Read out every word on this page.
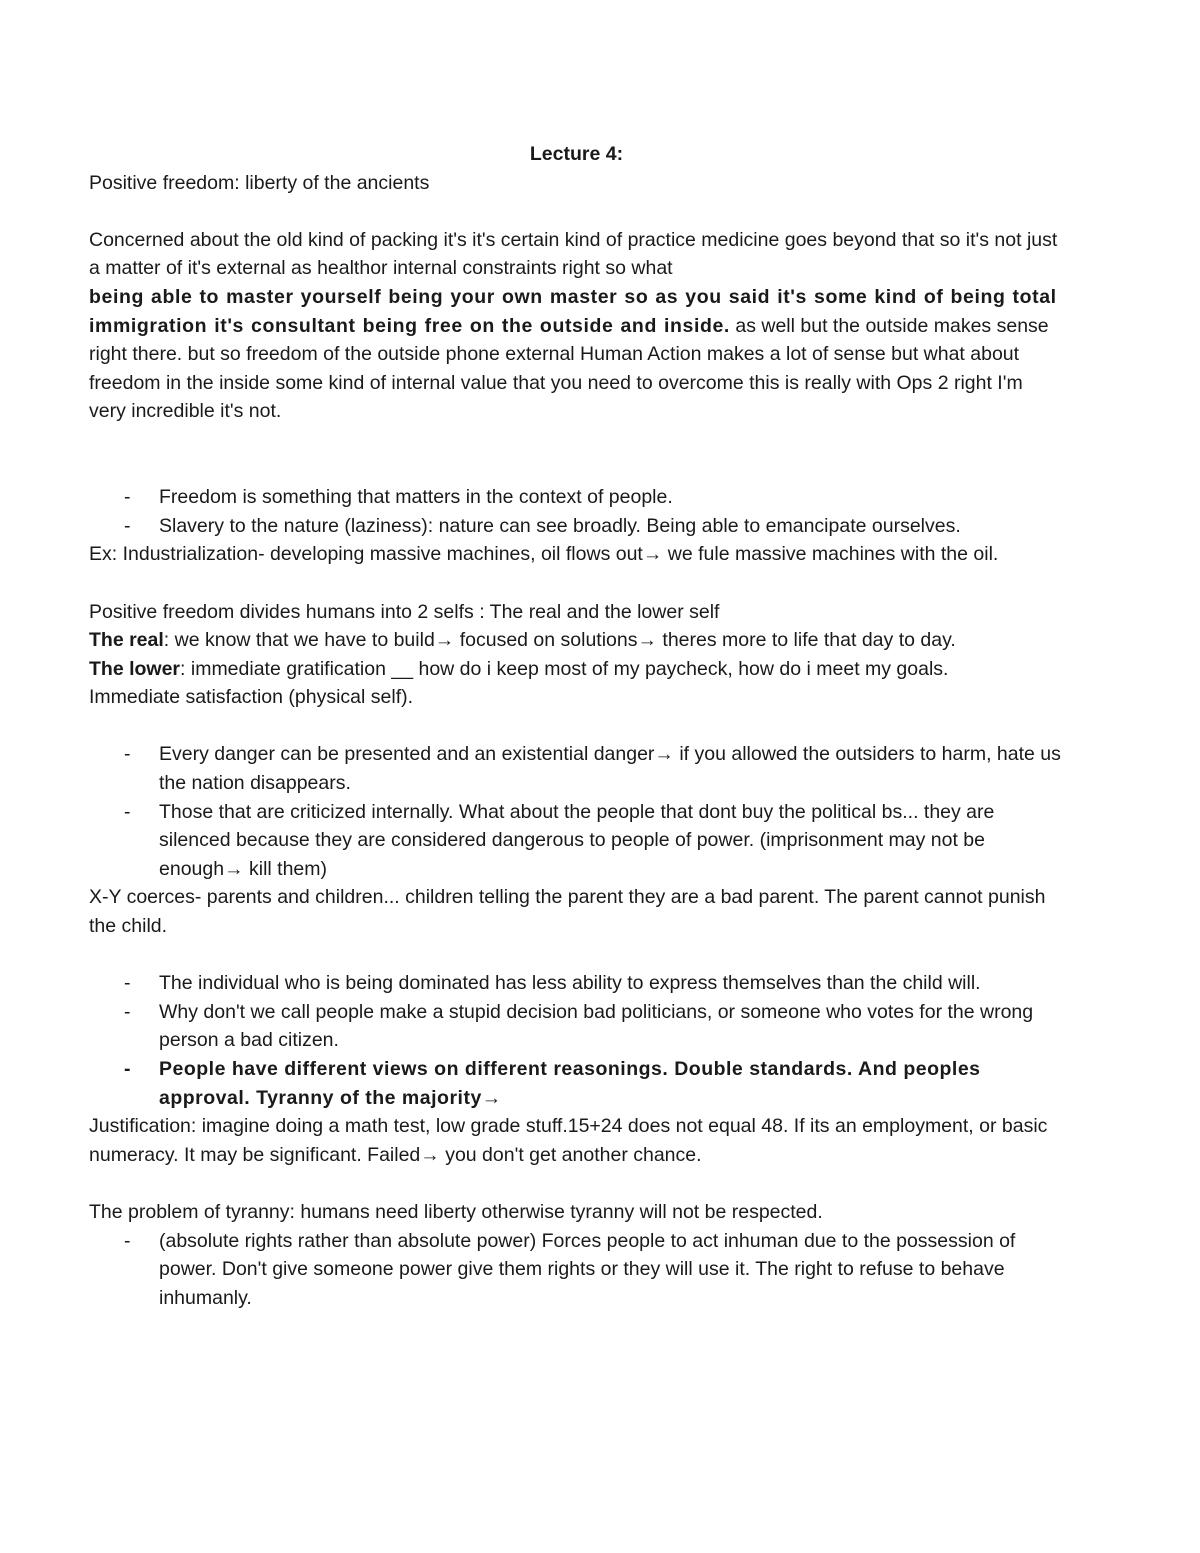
Lecture 4:

Positive freedom: liberty of the ancients

Concerned about the old kind of packing it's it's certain kind of practice medicine goes beyond that so it's not just a matter of it's external as healthor internal constraints right so what
being able to master yourself being your own master so as you said it's some kind of being total immigration it's consultant being free on the outside and inside. as well but the outside makes sense right there. but so freedom of the outside phone external Human Action makes a lot of sense but what about freedom in the inside some kind of internal value that you need to overcome this is really with Ops 2 right I'm very incredible it's not.

- Freedom is something that matters in the context of people.
- Slavery to the nature (laziness): nature can see broadly. Being able to emancipate ourselves.

Ex: Industrialization- developing massive machines, oil flows out→ we fule massive machines with the oil.

Positive freedom divides humans into 2 selfs : The real and the lower self

The real: we know that we have to build→ focused on solutions→ theres more to life that day to day.

The lower: immediate gratification __ how do i keep most of my paycheck, how do i meet my goals.

Immediate satisfaction (physical self).

- Every danger can be presented and an existential danger→ if you allowed the outsiders to harm, hate us the nation disappears.
- Those that are criticized internally. What about the people that dont buy the political bs... they are silenced because they are considered dangerous to people of power. (imprisonment may not be enough→ kill them)

X-Y coerces- parents and children... children telling the parent they are a bad parent. The parent cannot punish the child.

- The individual who is being dominated has less ability to express themselves than the child will.
- Why don't we call people make a stupid decision bad politicians, or someone who votes for the wrong person a bad citizen.
- People have different views on different reasonings. Double standards. And peoples approval. Tyranny of the majority→

Justification: imagine doing a math test, low grade stuff.15+24 does not equal 48. If its an employment, or basic numeracy. It may be significant. Failed→ you don't get another chance.

The problem of tyranny: humans need liberty otherwise tyranny will not be respected.

- (absolute rights rather than absolute power) Forces people to act inhuman due to the possession of power. Don't give someone power give them rights or they will use it. The right to refuse to behave inhumanly.
